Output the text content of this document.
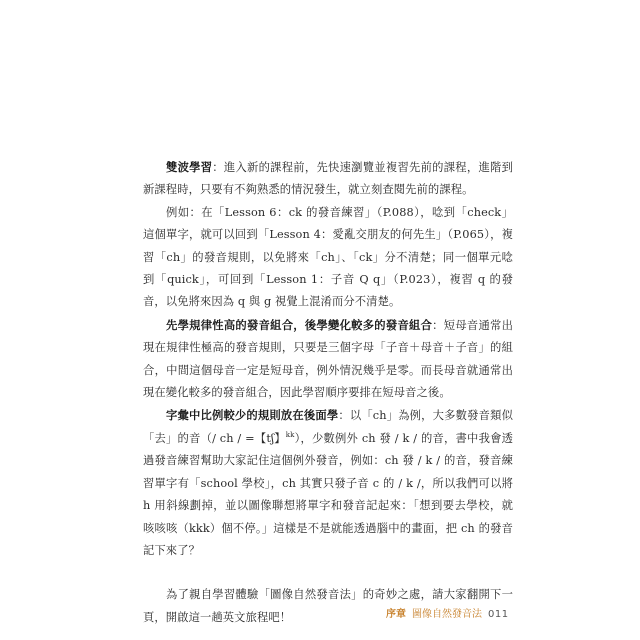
雙波學習：進入新的課程前，先快速瀏覽並複習先前的課程，進階到新課程時，只要有不夠熟悉的情況發生，就立刻查閱先前的課程。

例如：在「Lesson 6：ck 的發音練習」（P.088），唸到「check」這個單字，就可以回到「Lesson 4：愛亂交朋友的何先生」（P.065），複習「ch」的發音規則，以免將來「ch」、「ck」分不清楚；同一個單元唸到「quick」，可回到「Lesson 1：子音 Q q」（P.023），複習 q 的發音，以免將來因為 q 與 g 視覺上混淆而分不清楚。

先學規律性高的發音組合，後學變化較多的發音組合：短母音通常出現在規律性極高的發音規則，只要是三個字母「子音＋母音＋子音」的組合，中間這個母音一定是短母音，例外情況幾乎是零。而長母音就通常出現在變化較多的發音組合，因此學習順序要排在短母音之後。

字彙中比例較少的規則放在後面學：以「ch」為例，大多數發音類似「去」的音（/ ch / =【tʃ】$^{kk}$），少數例外 ch 發 / k / 的音，書中我會透過發音練習幫助大家記住這個例外發音，例如：ch 發 / k / 的音，發音練習單字有「school 學校」，ch 其實只發子音 c 的 / k /，所以我們可以將 h 用斜線劃掉，並以圖像聯想將單字和發音記起來：「想到要去學校，就咳咳咳（kkk）個不停。」這樣是不是就能透過腦中的畫面，把 ch 的發音記下來了？

為了親自學習體驗「圖像自然發音法」的奇妙之處，請大家翻開下一頁，開啟這一趟英文旅程吧！	序章 圖像自然發音法 011
